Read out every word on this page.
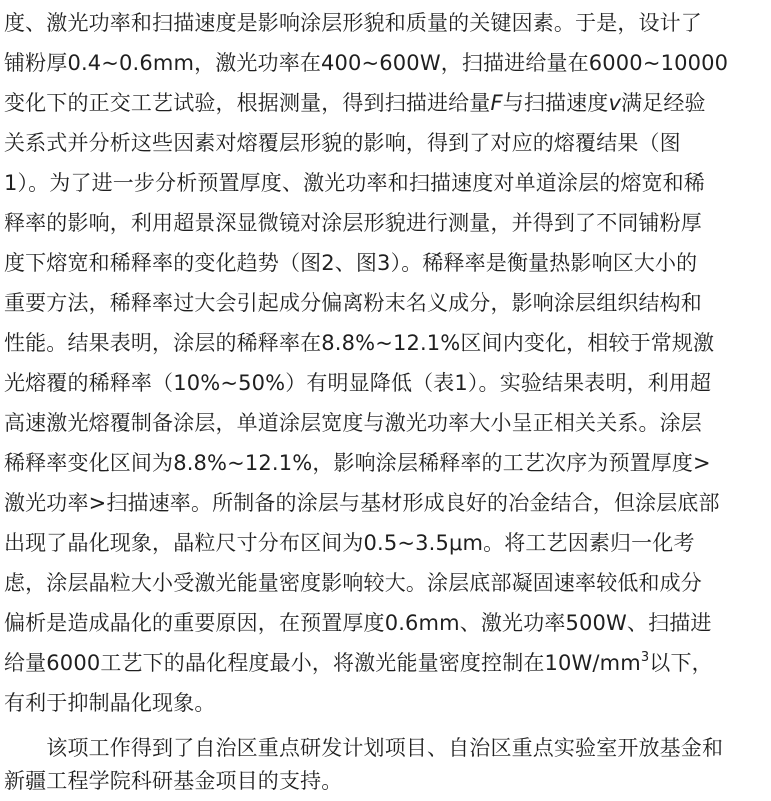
度、激光功率和扫描速度是影响涂层形貌和质量的关键因素。于是，设计了
铺粉厚0.4~0.6mm，激光功率在400~600W，扫描进给量在6000~10000
变化下的正交工艺试验，根据测量，得到扫描进给量F与扫描速度v满足经验
关系式并分析这些因素对熔覆层形貌的影响，得到了对应的熔覆结果（图
1）。为了进一步分析预置厚度、激光功率和扫描速度对单道涂层的熔宽和稀
释率的影响，利用超景深显微镜对涂层形貌进行测量，并得到了不同铺粉厚
度下熔宽和稀释率的变化趋势（图2、图3）。稀释率是衡量热影响区大小的
重要方法，稀释率过大会引起成分偏离粉末名义成分，影响涂层组织结构和
性能。结果表明，涂层的稀释率在8.8%~12.1%区间内变化，相较于常规激
光熔覆的稀释率（10%~50%）有明显降低（表1）。实验结果表明，利用超
高速激光熔覆制备涂层，单道涂层宽度与激光功率大小呈正相关关系。涂层
稀释率变化区间为8.8%~12.1%，影响涂层稀释率的工艺次序为预置厚度>
激光功率>扫描速率。所制备的涂层与基材形成良好的冶金结合，但涂层底部
出现了晶化现象，晶粒尺寸分布区间为0.5~3.5μm。将工艺因素归一化考
虑，涂层晶粒大小受激光能量密度影响较大。涂层底部凝固速率较低和成分
偏析是造成晶化的重要原因，在预置厚度0.6mm、激光功率500W、扫描进
给量6000工艺下的晶化程度最小，将激光能量密度控制在$10W/mm^3$以下，
有利于抑制晶化现象。
　　该项工作得到了自治区重点研发计划项目、自治区重点实验室开放基金和
新疆工程学院科研基金项目的支持。
